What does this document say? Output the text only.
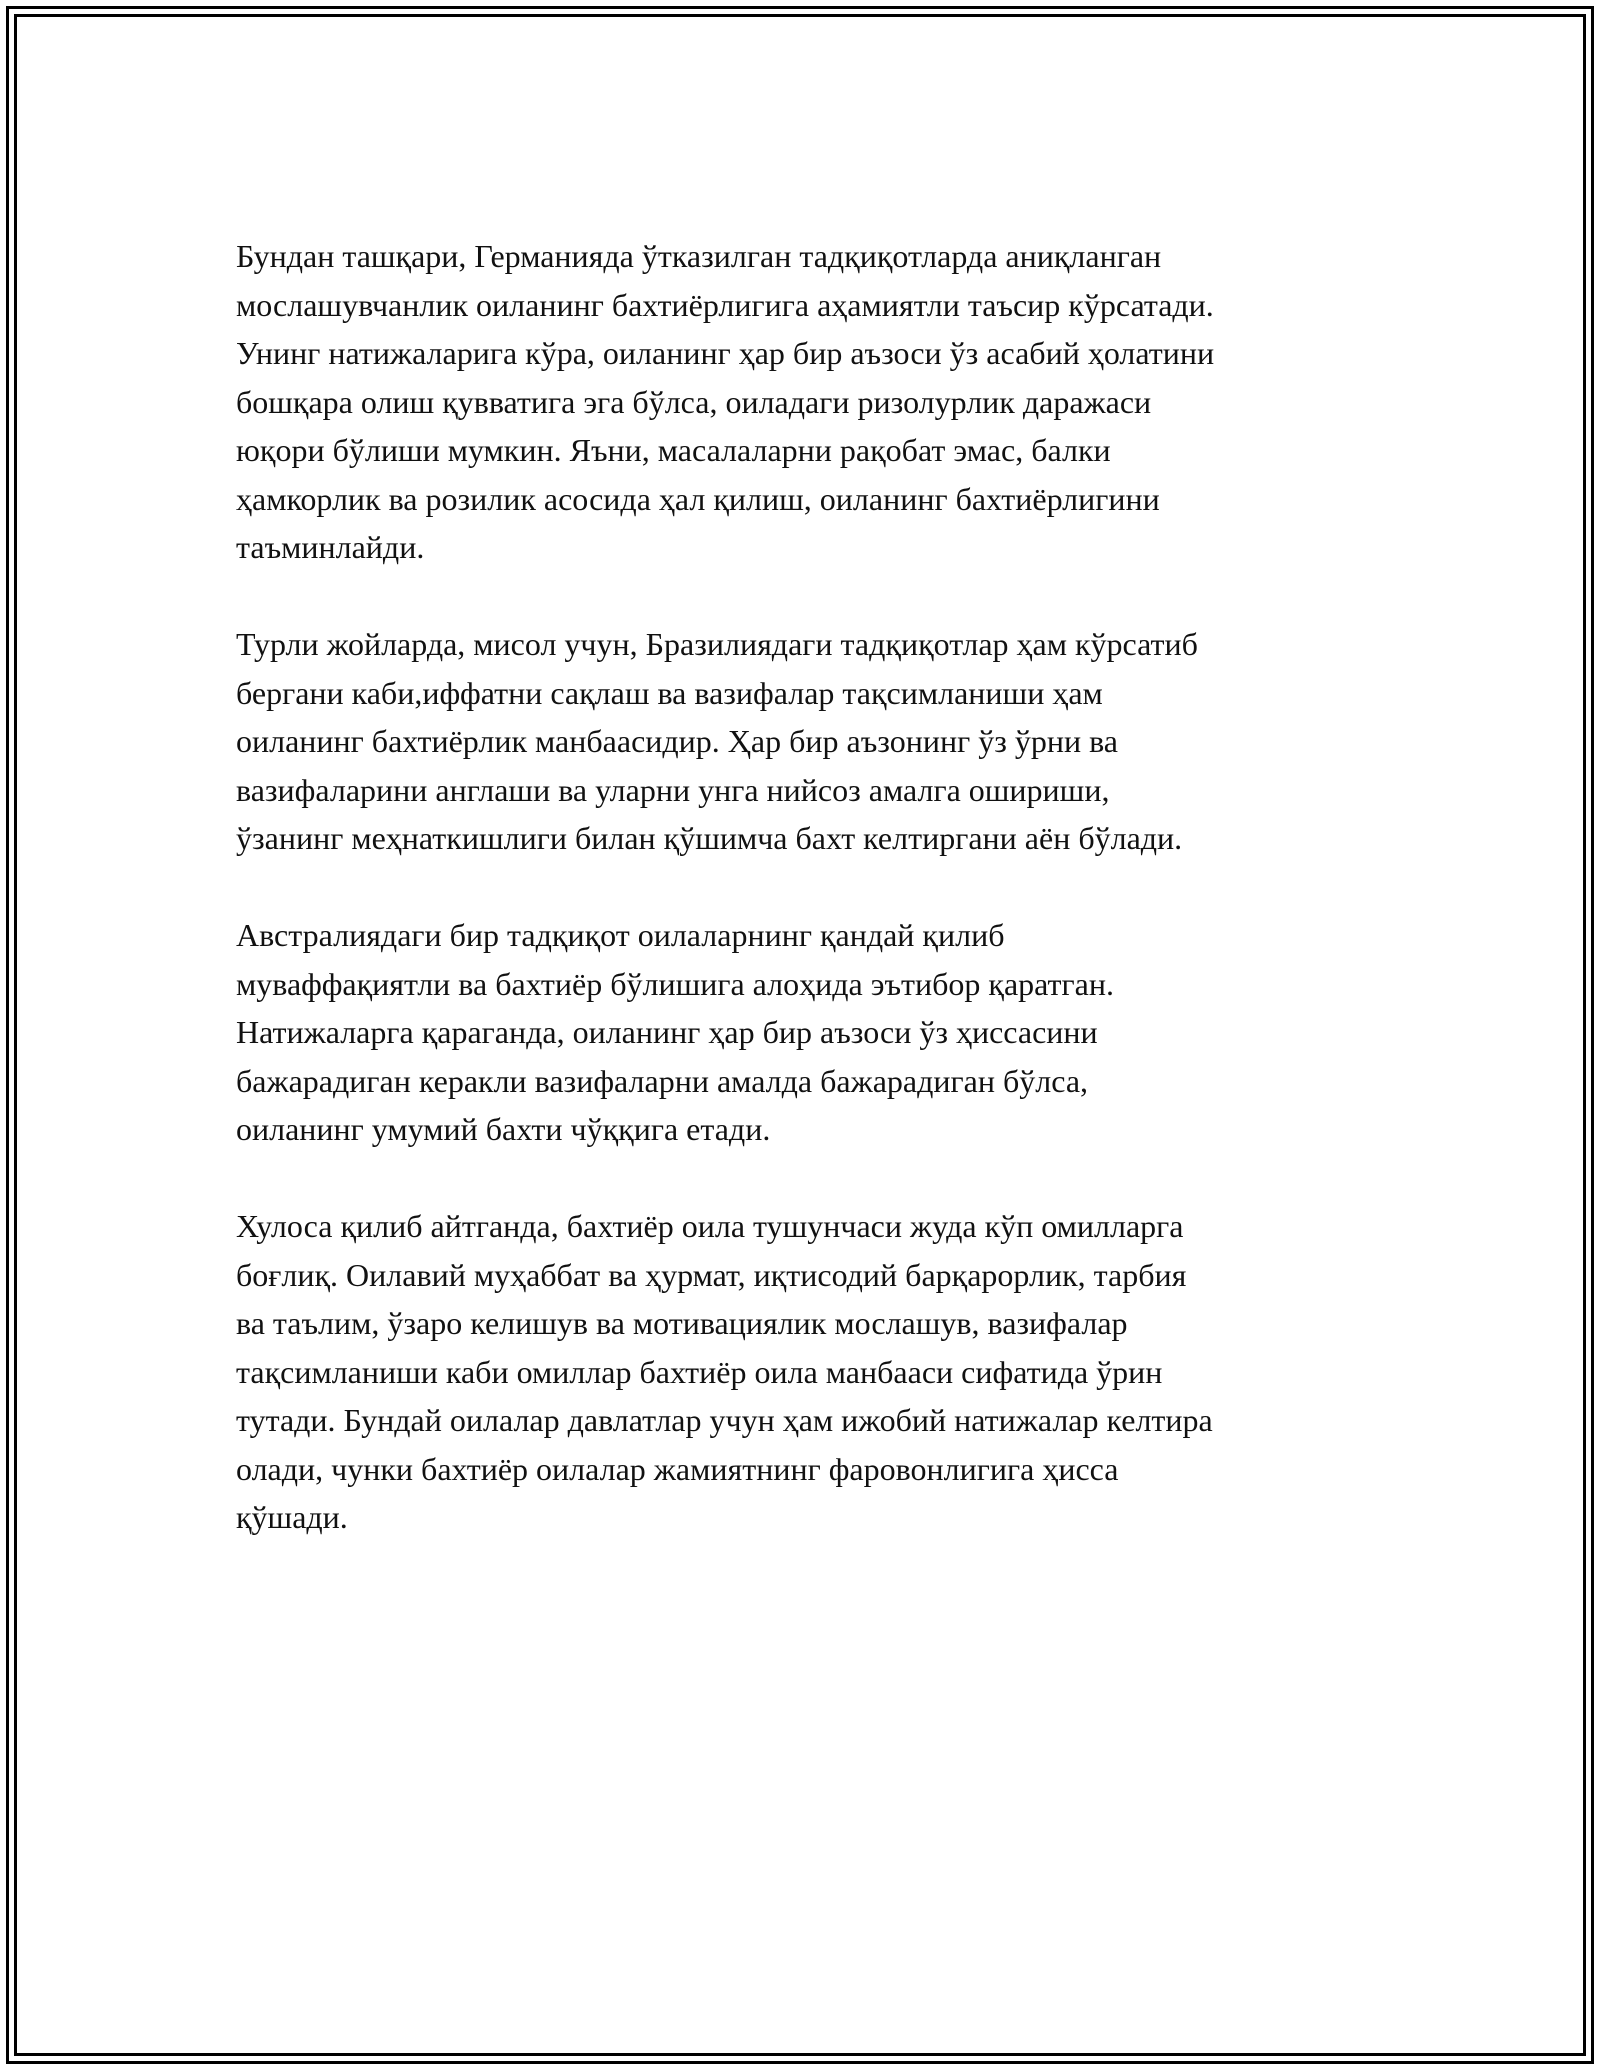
Бундан ташқари, Германияда ўтказилган тадқиқотларда аниқланган
мослашувчанлик оиланинг бахтиёрлигига аҳамиятли таъсир кўрсатади.
Унинг натижаларига кўра, оиланинг ҳар бир аъзоси ўз асабий ҳолатини
бошқара олиш қувватига эга бўлса, оиладаги ризолурлик даражаси
юқори бўлиши мумкин. Яъни, масалаларни рақобат эмас, балки
ҳамкорлик ва розилик асосида ҳал қилиш, оиланинг бахтиёрлигини
таъминлайди.

Турли жойларда, мисол учун, Бразилиядаги тадқиқотлар ҳам кўрсатиб
бергани каби,иффатни сақлаш ва вазифалар тақсимланиши ҳам
оиланинг бахтиёрлик манбаасидир. Ҳар бир аъзонинг ўз ўрни ва
вазифаларини англаши ва уларни унга нийсоз амалга ошириши,
ўзанинг меҳнаткишлиги билан қўшимча бахт келтиргани аён бўлади.

Австралиядаги бир тадқиқот оилаларнинг қандай қилиб
муваффақиятли ва бахтиёр бўлишига алоҳида эътибор қаратган.
Натижаларга қараганда, оиланинг ҳар бир аъзоси ўз ҳиссасини
бажарадиган керакли вазифаларни амалда бажарадиган бўлса,
оиланинг умумий бахти чўққига етади.

Хулоса қилиб айтганда, бахтиёр оила тушунчаси жуда кўп омилларга
боғлиқ. Оилавий муҳаббат ва ҳурмат, иқтисодий барқарорлик, тарбия
ва таълим, ўзаро келишув ва мотивациялик мослашув, вазифалар
тақсимланиши каби омиллар бахтиёр оила манбааси сифатида ўрин
тутади. Бундай оилалар давлатлар учун ҳам ижобий натижалар келтира
олади, чунки бахтиёр оилалар жамиятнинг фаровонлигига ҳисса
қўшади.
